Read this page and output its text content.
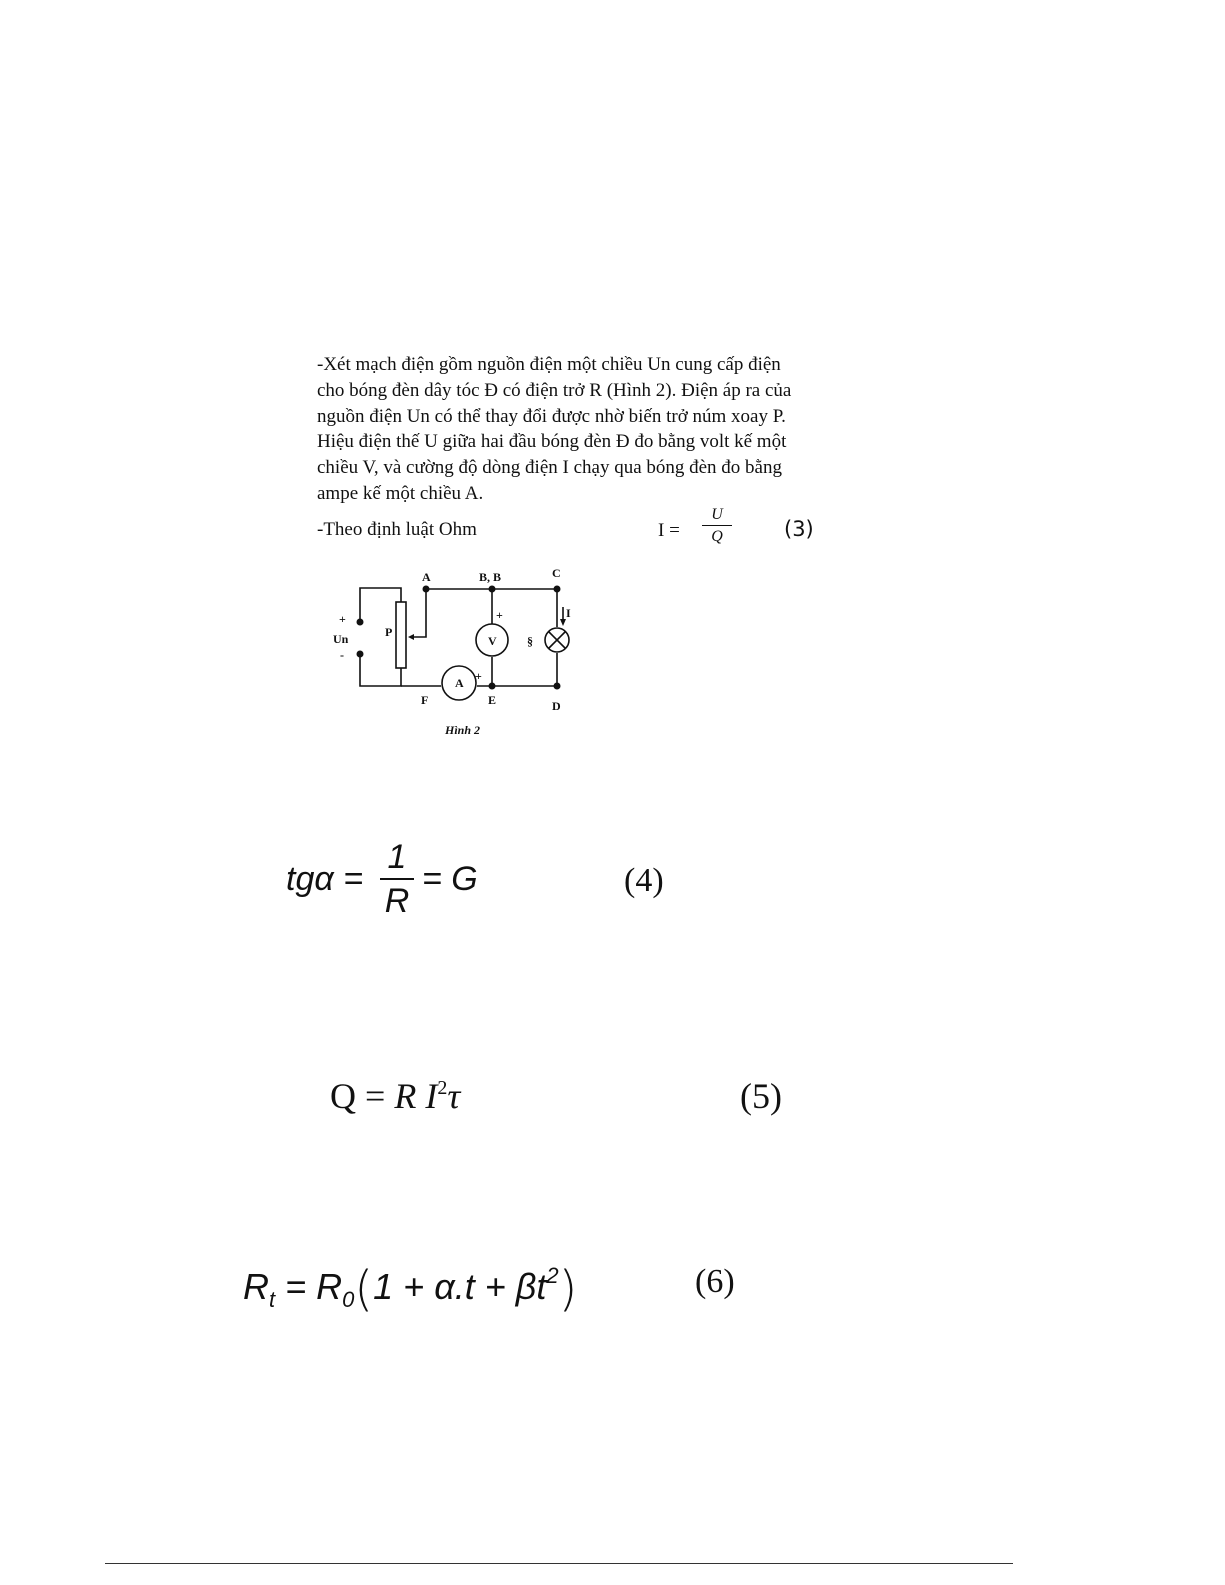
-Xét mạch điện gồm nguồn điện một chiều Un cung cấp điện
cho bóng đèn dây tóc Đ có điện trở R (Hình 2). Điện áp ra của
nguồn điện Un có thể thay đổi được nhờ biến trở núm xoay P.
Hiệu điện thế U giữa hai đầu bóng đèn Đ đo bằng volt kế một
chiều V, và cường độ dòng điện I chạy qua bóng đèn đo bằng
ampe kế một chiều A.
-Theo định luật Ohm	I =
U
Q	(3)
A	B, B	C
+
Un
-
P
V
+
§
I
A +
F	E	D
Hình 2
tgα =
1
R
= G	(4)
Q = R $I^2\tau$	(5)
$R_t = R_0(1 + \alpha.t + \beta t^2)$	(6)
